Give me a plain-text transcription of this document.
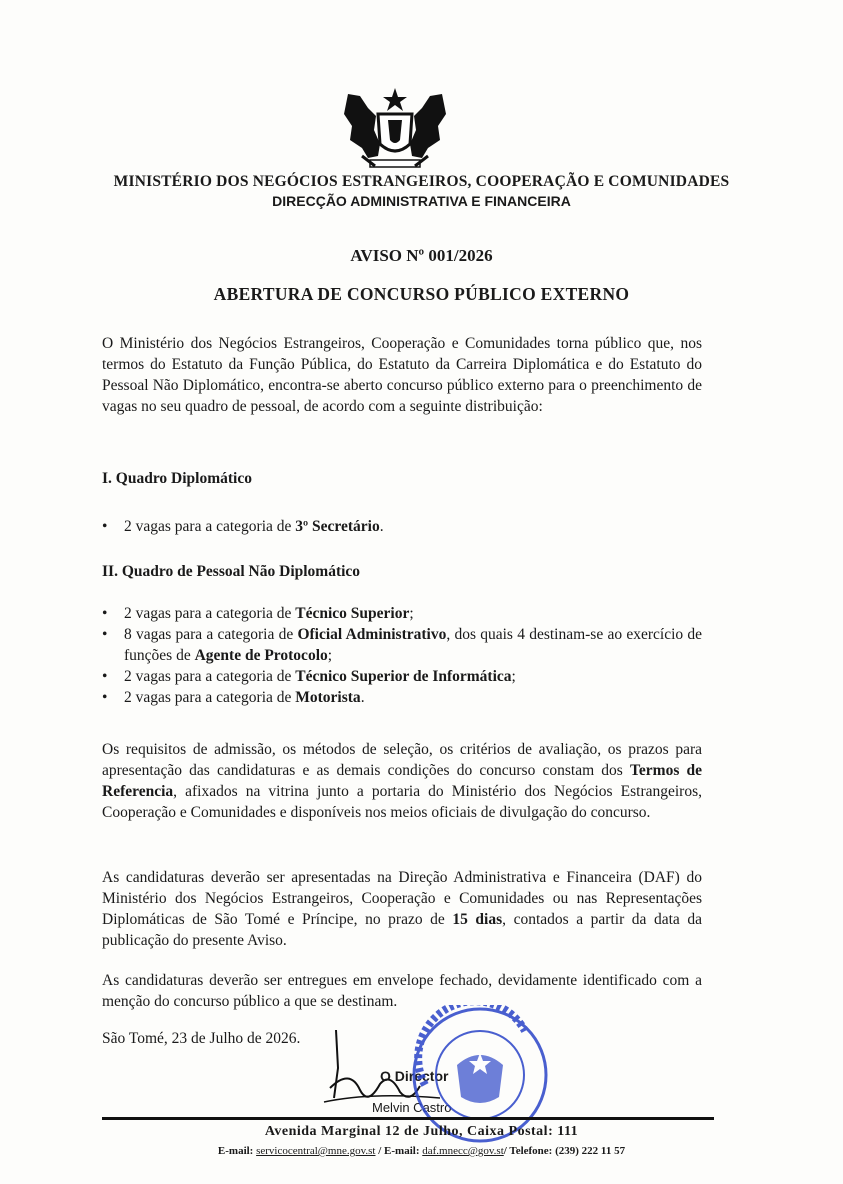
MINISTÉRIO DOS NEGÓCIOS ESTRANGEIROS, COOPERAÇÃO E COMUNIDADES
DIRECÇÃO ADMINISTRATIVA E FINANCEIRA
AVISO Nº 001/2026
ABERTURA DE CONCURSO PÚBLICO EXTERNO
O Ministério dos Negócios Estrangeiros, Cooperação e Comunidades torna público que, nos termos do Estatuto da Função Pública, do Estatuto da Carreira Diplomática e do Estatuto do Pessoal Não Diplomático, encontra-se aberto concurso público externo para o preenchimento de vagas no seu quadro de pessoal, de acordo com a seguinte distribuição:
I. Quadro Diplomático
• 2 vagas para a categoria de 3º Secretário.
II. Quadro de Pessoal Não Diplomático
• 2 vagas para a categoria de Técnico Superior;
• 8 vagas para a categoria de Oficial Administrativo, dos quais 4 destinam-se ao exercício de funções de Agente de Protocolo;
• 2 vagas para a categoria de Técnico Superior de Informática;
• 2 vagas para a categoria de Motorista.
Os requisitos de admissão, os métodos de seleção, os critérios de avaliação, os prazos para apresentação das candidaturas e as demais condições do concurso constam dos Termos de Referencia, afixados na vitrina junto a portaria do Ministério dos Negócios Estrangeiros, Cooperação e Comunidades e disponíveis nos meios oficiais de divulgação do concurso.
As candidaturas deverão ser apresentadas na Direção Administrativa e Financeira (DAF) do Ministério dos Negócios Estrangeiros, Cooperação e Comunidades ou nas Representações Diplomáticas de São Tomé e Príncipe, no prazo de 15 dias, contados a partir da data da publicação do presente Aviso.
As candidaturas deverão ser entregues em envelope fechado, devidamente identificado com a menção do concurso público a que se destinam.
São Tomé, 23 de Julho de 2026.
O Director
Melvin Castro
Avenida Marginal 12 de Julho, Caixa Postal: 111
E-mail: servicocentral@mne.gov.st / E-mail: daf.mnecc@gov.st/ Telefone: (239) 222 11 57
